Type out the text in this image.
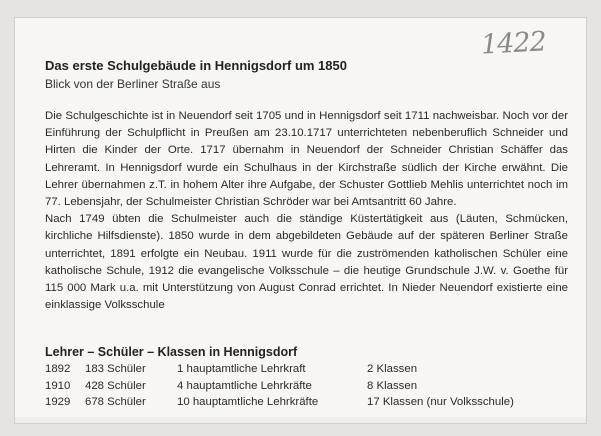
1422
Das erste Schulgebäude in Hennigsdorf um 1850
Blick von der Berliner Straße aus

Die Schulgeschichte ist in Neuendorf seit 1705 und in Hennigsdorf seit 1711 nachweisbar. Noch vor der Einführung der Schulpflicht in Preußen am 23.10.1717 unterrichteten nebenberuflich Schneider und Hirten die Kinder der Orte. 1717 übernahm in Neuendorf der Schneider Christian Schäffer das Lehreramt. In Hennigsdorf wurde ein Schulhaus in der Kirchstraße südlich der Kirche erwähnt. Die Lehrer übernahmen z.T. in hohem Alter ihre Aufgabe, der Schuster Gottlieb Mehlis unterrichtet noch im 77. Lebensjahr, der Schulmeister Christian Schröder war bei Amtsantritt 60 Jahre.

Nach 1749 übten die Schulmeister auch die ständige Küstertätigkeit aus (Läuten, Schmücken, kirchliche Hilfsdienste). 1850 wurde in dem abgebildeten Gebäude auf der späteren Berliner Straße unterrichtet, 1891 erfolgte ein Neubau. 1911 wurde für die zuströmenden katholischen Schüler eine katholische Schule, 1912 die evangelische Volksschule – die heutige Grundschule J.W. v. Goethe für 115 000 Mark u.a. mit Unterstützung von August Conrad errichtet. In Nieder Neuendorf existierte eine einklassige Volksschule

Lehrer – Schüler – Klassen in Hennigsdorf
1892	183 Schüler	1 hauptamtliche Lehrkraft	2 Klassen
1910	428 Schüler	4 hauptamtliche Lehrkräfte	8 Klassen
1929	678 Schüler	10 hauptamtliche Lehrkräfte	17 Klassen (nur Volksschule)
